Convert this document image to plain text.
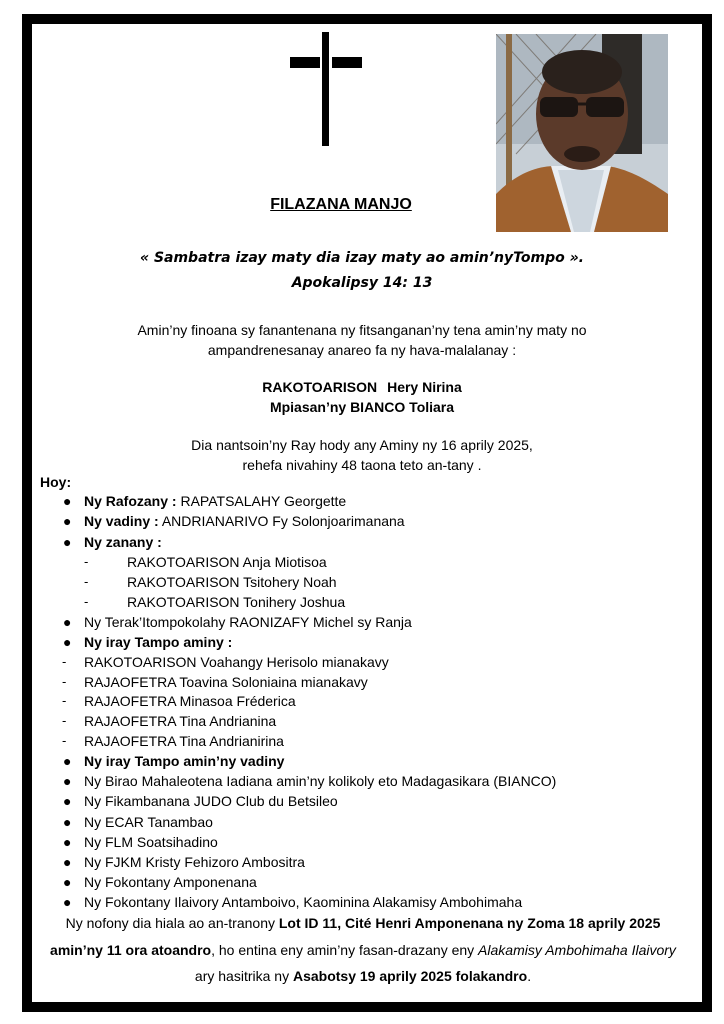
FILAZANA MANJO
« Sambatra izay maty dia izay maty ao amin’nyTompo ».
Apokalipsy 14: 13
Amin’ny finoana sy fanantenana ny fitsanganan’ny tena amin’ny maty no
ampandrenesanay anareo fa ny hava-malalanay :
RAKOTOARISON Hery Nirina
Mpiasan’ny BIANCO Toliara
Dia nantsoin’ny Ray hody any Aminy ny 16 aprily 2025,
rehefa nivahiny 48 taona teto an-tany .
Hoy:
● Ny Rafozany : RAPATSALAHY Georgette
● Ny vadiny : ANDRIANARIVO Fy Solonjoarimanana
● Ny zanany :
-	RAKOTOARISON Anja Miotisoa
-	RAKOTOARISON Tsitohery Noah
-	RAKOTOARISON Tonihery Joshua
● Ny Terak’Itompokolahy RAONIZAFY Michel sy Ranja
● Ny iray Tampo aminy :
- RAKOTOARISON Voahangy Herisolo mianakavy
- RAJAOFETRA Toavina Soloniaina mianakavy
- RAJAOFETRA Minasoa Fréderica
- RAJAOFETRA Tina Andrianina
- RAJAOFETRA Tina Andrianirina
● Ny iray Tampo amin’ny vadiny
● Ny Birao Mahaleotena Iadiana amin’ny kolikoly eto Madagasikara (BIANCO)
● Ny Fikambanana JUDO Club du Betsileo
● Ny ECAR Tanambao
● Ny FLM Soatsihadino
● Ny FJKM Kristy Fehizoro Ambositra
● Ny Fokontany Amponenana
● Ny Fokontany Ilaivory Antamboivo, Kaominina Alakamisy Ambohimaha
Ny nofony dia hiala ao an-tranony Lot ID 11, Cité Henri Amponenana ny Zoma 18 aprily 2025 amin’ny 11 ora atoandro, ho entina eny amin’ny fasan-drazany eny Alakamisy Ambohimaha Ilaivory ary hasitrika ny Asabotsy 19 aprily 2025 folakandro.
